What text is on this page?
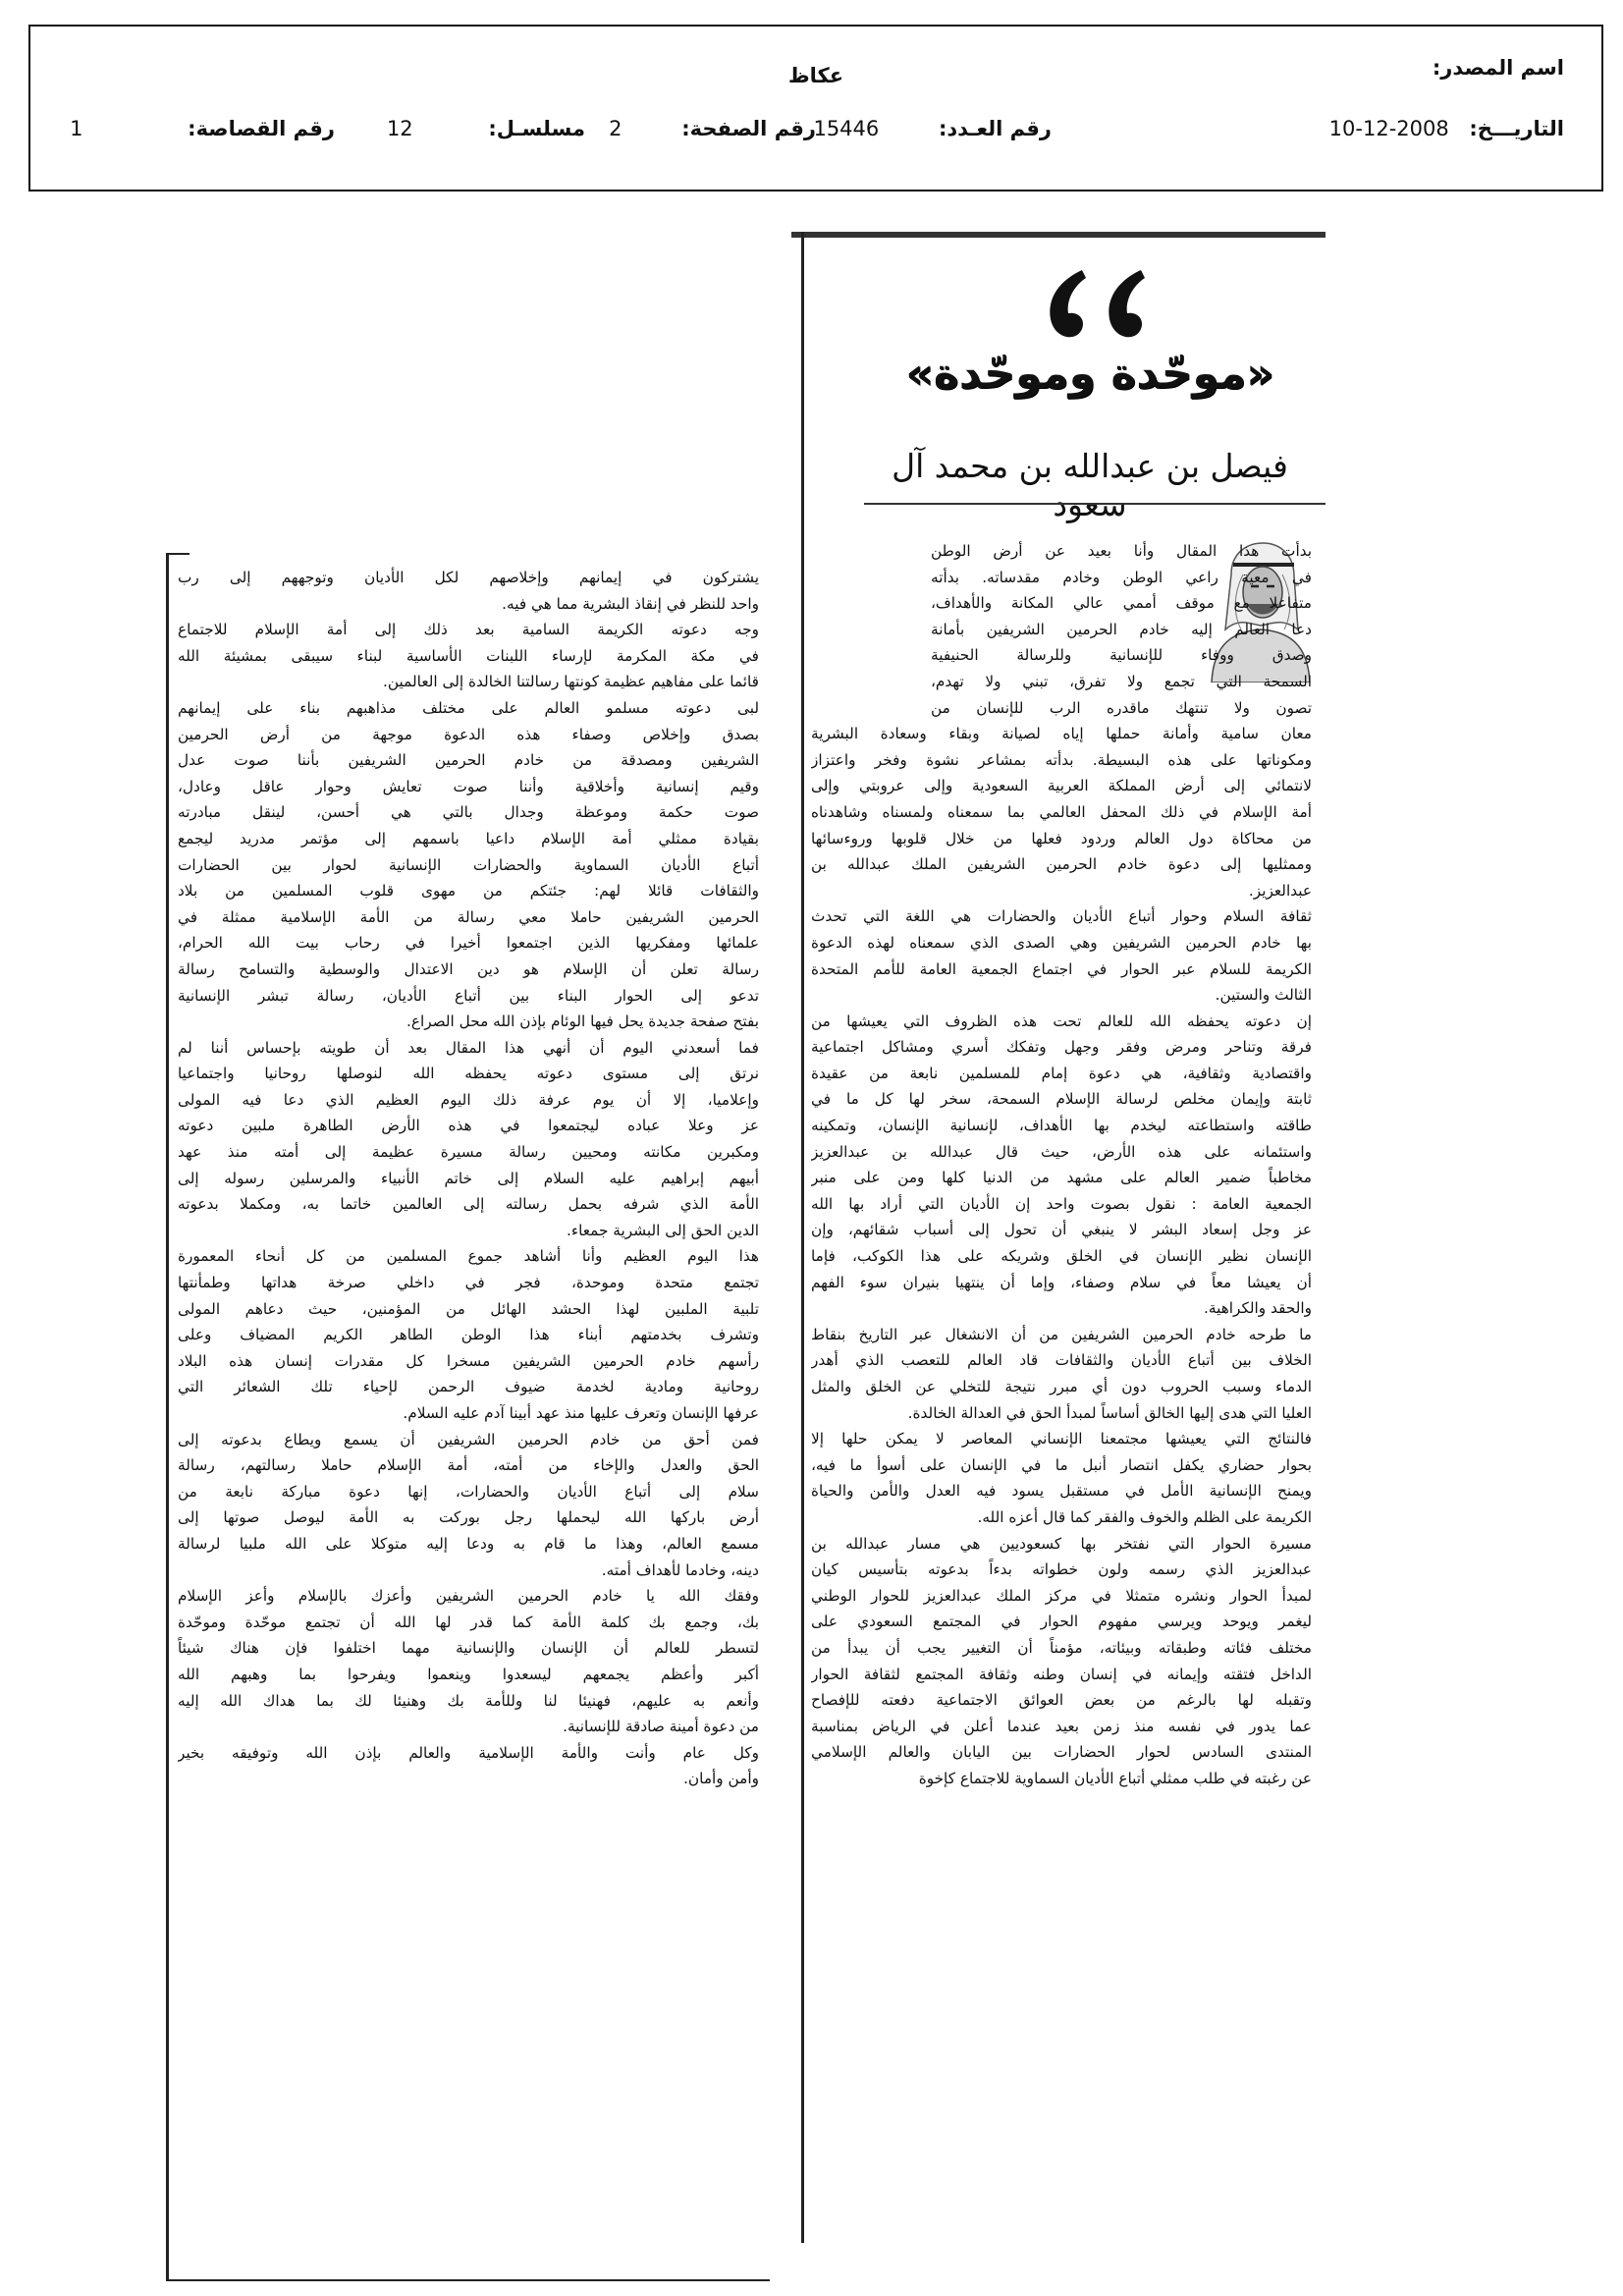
اسم المصدر:
عكاظ
التاريـــخ: 10-12-2008
رقم العـدد: 15446
رقم الصفحة: 2
مسلسـل: 12
رقم القصاصة: 1
«موحّدة وموحّدة»
فيصل بن عبدالله بن محمد آل سعود

بدأت هذا المقال وأنا بعيد عن أرض الوطن
في معية راعي الوطن وخادم مقدساته. بدأته
متفاعلا مع موقف أممي عالي المكانة والأهداف،
دعا العالم إليه خادم الحرمين الشريفين بأمانة
وصدق ووفاء للإنسانية وللرسالة الحنيفية
السمحة التي تجمع ولا تفرق، تبني ولا تهدم،
تصون ولا تنتهك ماقدره الرب للإنسان من
معان سامية وأمانة حملها إياه لصيانة وبقاء وسعادة البشرية
ومكوناتها على هذه البسيطة. بدأته بمشاعر نشوة وفخر واعتزاز
لانتمائي إلى أرض المملكة العربية السعودية وإلى عروبتي وإلى
أمة الإسلام في ذلك المحفل العالمي بما سمعناه ولمسناه وشاهدناه
من محاكاة دول العالم وردود فعلها من خلال قلوبها وروءسائها
وممثليها إلى دعوة خادم الحرمين الشريفين الملك عبدالله بن
عبدالعزيز.

ثقافة السلام وحوار أتباع الأديان والحضارات هي اللغة التي تحدث
بها خادم الحرمين الشريفين وهي الصدى الذي سمعناه لهذه الدعوة
الكريمة للسلام عبر الحوار في اجتماع الجمعية العامة للأمم المتحدة
الثالث والستين.

إن دعوته يحفظه الله للعالم تحت هذه الظروف التي يعيشها من
فرقة وتناحر ومرض وفقر وجهل وتفكك أسري ومشاكل اجتماعية
واقتصادية وثقافية، هي دعوة إمام للمسلمين نابعة من عقيدة
ثابتة وإيمان مخلص لرسالة الإسلام السمحة، سخر لها كل ما في
طاقته واستطاعته ليخدم بها الأهداف، لإنسانية الإنسان، وتمكينه
واستئمانه على هذه الأرض، حيث قال عبدالله بن عبدالعزيز
مخاطباً ضمير العالم على مشهد من الدنيا كلها ومن على منبر
الجمعية العامة : نقول بصوت واحد إن الأديان التي أراد بها الله
عز وجل إسعاد البشر لا ينبغي أن تحول إلى أسباب شقائهم، وإن
الإنسان نظير الإنسان في الخلق وشريكه على هذا الكوكب، فإما
أن يعيشا معاً في سلام وصفاء، وإما أن ينتهيا بنيران سوء الفهم
والحقد والكراهية.

ما طرحه خادم الحرمين الشريفين من أن الانشغال عبر التاريخ بنقاط
الخلاف بين أتباع الأديان والثقافات قاد العالم للتعصب الذي أهدر
الدماء وسبب الحروب دون أي مبرر نتيجة للتخلي عن الخلق والمثل
العليا التي هدى إليها الخالق أساساً لمبدأ الحق في العدالة الخالدة.

فالنتائج التي يعيشها مجتمعنا الإنساني المعاصر لا يمكن حلها إلا
بحوار حضاري يكفل انتصار أنبل ما في الإنسان على أسوأ ما فيه،
ويمنح الإنسانية الأمل في مستقبل يسود فيه العدل والأمن والحياة
الكريمة على الظلم والخوف والفقر كما قال أعزه الله.

مسيرة الحوار التي نفتخر بها كسعوديين هي مسار عبدالله بن
عبدالعزيز الذي رسمه ولون خطواته بدءاً بدعوته بتأسيس كيان
لمبدأ الحوار ونشره متمثلا في مركز الملك عبدالعزيز للحوار الوطني
ليغمر ويوحد ويرسي مفهوم الحوار في المجتمع السعودي على
مختلف فئاته وطبقاته وبيئاته، مؤمناً أن التغيير يجب أن يبدأ من
الداخل فتقته وإيمانه في إنسان وطنه وثقافة المجتمع لثقافة الحوار
وتقبله لها بالرغم من بعض العوائق الاجتماعية دفعته للإفصاح
عما يدور في نفسه منذ زمن بعيد عندما أعلن في الرياض بمناسبة
المنتدى السادس لحوار الحضارات بين اليابان والعالم الإسلامي
عن رغبته في طلب ممثلي أتباع الأديان السماوية للاجتماع كإخوة

يشتركون في إيمانهم وإخلاصهم لكل الأديان وتوجههم إلى رب
واحد للنظر في إنقاذ البشرية مما هي فيه.

وجه دعوته الكريمة السامية بعد ذلك إلى أمة الإسلام للاجتماع
في مكة المكرمة لإرساء اللبنات الأساسية لبناء سيبقى بمشيئة الله
قائما على مفاهيم عظيمة كونتها رسالتنا الخالدة إلى العالمين.

لبى دعوته مسلمو العالم على مختلف مذاهبهم بناء على إيمانهم
بصدق وإخلاص وصفاء هذه الدعوة موجهة من أرض الحرمين
الشريفين ومصدقة من خادم الحرمين الشريفين بأننا صوت عدل
وقيم إنسانية وأخلاقية وأننا صوت تعايش وحوار عاقل وعادل،
صوت حكمة وموعظة وجدال بالتي هي أحسن، لينقل مبادرته
بقيادة ممثلي أمة الإسلام داعيا باسمهم إلى مؤتمر مدريد ليجمع
أتباع الأديان السماوية والحضارات الإنسانية لحوار بين الحضارات
والثقافات قائلا لهم: جئتكم من مهوى قلوب المسلمين من بلاد
الحرمين الشريفين حاملا معي رسالة من الأمة الإسلامية ممثلة في
علمائها ومفكريها الذين اجتمعوا أخيرا في رحاب بيت الله الحرام،
رسالة تعلن أن الإسلام هو دين الاعتدال والوسطية والتسامح رسالة
تدعو إلى الحوار البناء بين أتباع الأديان، رسالة تبشر الإنسانية
بفتح صفحة جديدة يحل فيها الوئام بإذن الله محل الصراع.

فما أسعدني اليوم أن أنهي هذا المقال بعد أن طويته بإحساس أننا لم
نرتق إلى مستوى دعوته يحفظه الله لنوصلها روحانيا واجتماعيا
وإعلاميا، إلا أن يوم عرفة ذلك اليوم العظيم الذي دعا فيه المولى
عز وعلا عباده ليجتمعوا في هذه الأرض الطاهرة ملبين دعوته
ومكبرين مكانته ومحيين رسالة مسيرة عظيمة إلى أمته منذ عهد
أبيهم إبراهيم عليه السلام إلى خاتم الأنبياء والمرسلين رسوله إلى
الأمة الذي شرفه بحمل رسالته إلى العالمين خاتما به، ومكملا بدعوته
الدين الحق إلى البشرية جمعاء.

هذا اليوم العظيم وأنا أشاهد جموع المسلمين من كل أنحاء المعمورة
تجتمع متحدة وموحدة، فجر في داخلي صرخة هداتها وطمأنتها
تلبية الملبين لهذا الحشد الهائل من المؤمنين، حيث دعاهم المولى
وتشرف بخدمتهم أبناء هذا الوطن الطاهر الكريم المضياف وعلى
رأسهم خادم الحرمين الشريفين مسخرا كل مقدرات إنسان هذه البلاد
روحانية ومادية لخدمة ضيوف الرحمن لإحياء تلك الشعائر التي
عرفها الإنسان وتعرف عليها منذ عهد أبينا آدم عليه السلام.

فمن أحق من خادم الحرمين الشريفين أن يسمع ويطاع بدعوته إلى
الحق والعدل والإخاء من أمته، أمة الإسلام حاملا رسالتهم، رسالة
سلام إلى أتباع الأديان والحضارات، إنها دعوة مباركة نابعة من
أرض باركها الله ليحملها رجل بوركت به الأمة ليوصل صوتها إلى
مسمع العالم، وهذا ما قام به ودعا إليه متوكلا على الله ملبيا لرسالة
دينه، وخادما لأهداف أمته.

وفقك الله يا خادم الحرمين الشريفين وأعزك بالإسلام وأعز الإسلام
بك، وجمع بك كلمة الأمة كما قدر لها الله أن تجتمع موحّدة وموحّدة
لتسطر للعالم أن الإنسان والإنسانية مهما اختلفوا فإن هناك شيئاً
أكبر وأعظم يجمعهم ليسعدوا وينعموا ويفرحوا بما وهبهم الله
وأنعم به عليهم، فهنيئا لنا وللأمة بك وهنيئا لك بما هداك الله إليه
من دعوة أمينة صادقة للإنسانية.

وكل عام وأنت والأمة الإسلامية والعالم بإذن الله وتوفيقه بخير
وأمن وأمان.
